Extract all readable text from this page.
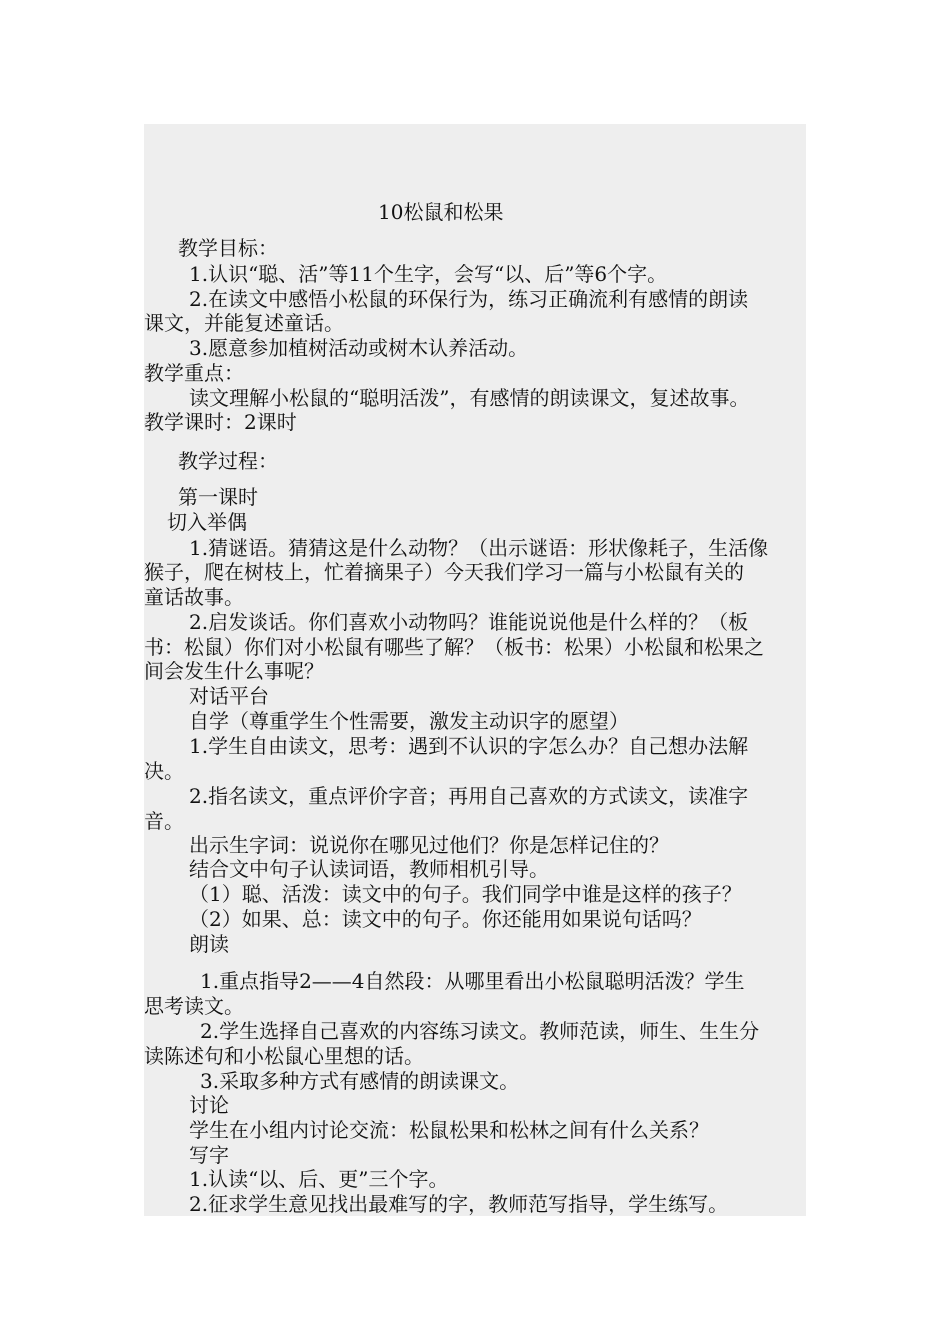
10松鼠和松果
教学目标：
1.认识“聪、活”等11个生字，会写“以、后”等6个字。
2.在读文中感悟小松鼠的环保行为，练习正确流利有感情的朗读
课文，并能复述童话。
3.愿意参加植树活动或树木认养活动。
教学重点：
读文理解小松鼠的“聪明活泼”，有感情的朗读课文，复述故事。
教学课时：2课时
教学过程：
第一课时
切入举偶
1.猜谜语。猜猜这是什么动物？（出示谜语：形状像耗子，生活像
猴子，爬在树枝上，忙着摘果子）今天我们学习一篇与小松鼠有关的
童话故事。
2.启发谈话。你们喜欢小动物吗？谁能说说他是什么样的？（板
书：松鼠）你们对小松鼠有哪些了解？（板书：松果）小松鼠和松果之
间会发生什么事呢？
对话平台
自学（尊重学生个性需要，激发主动识字的愿望）
1.学生自由读文，思考：遇到不认识的字怎么办？自己想办法解
决。
2.指名读文，重点评价字音；再用自己喜欢的方式读文，读准字
音。
出示生字词：说说你在哪见过他们？你是怎样记住的？
结合文中句子认读词语，教师相机引导。
（1）聪、活泼：读文中的句子。我们同学中谁是这样的孩子？
（2）如果、总：读文中的句子。你还能用如果说句话吗？
朗读
1.重点指导2——4自然段：从哪里看出小松鼠聪明活泼？学生
思考读文。
2.学生选择自己喜欢的内容练习读文。教师范读，师生、生生分
读陈述句和小松鼠心里想的话。
3.采取多种方式有感情的朗读课文。
讨论
学生在小组内讨论交流：松鼠松果和松林之间有什么关系？
写字
1.认读“以、后、更”三个字。
2.征求学生意见找出最难写的字，教师范写指导，学生练写。
